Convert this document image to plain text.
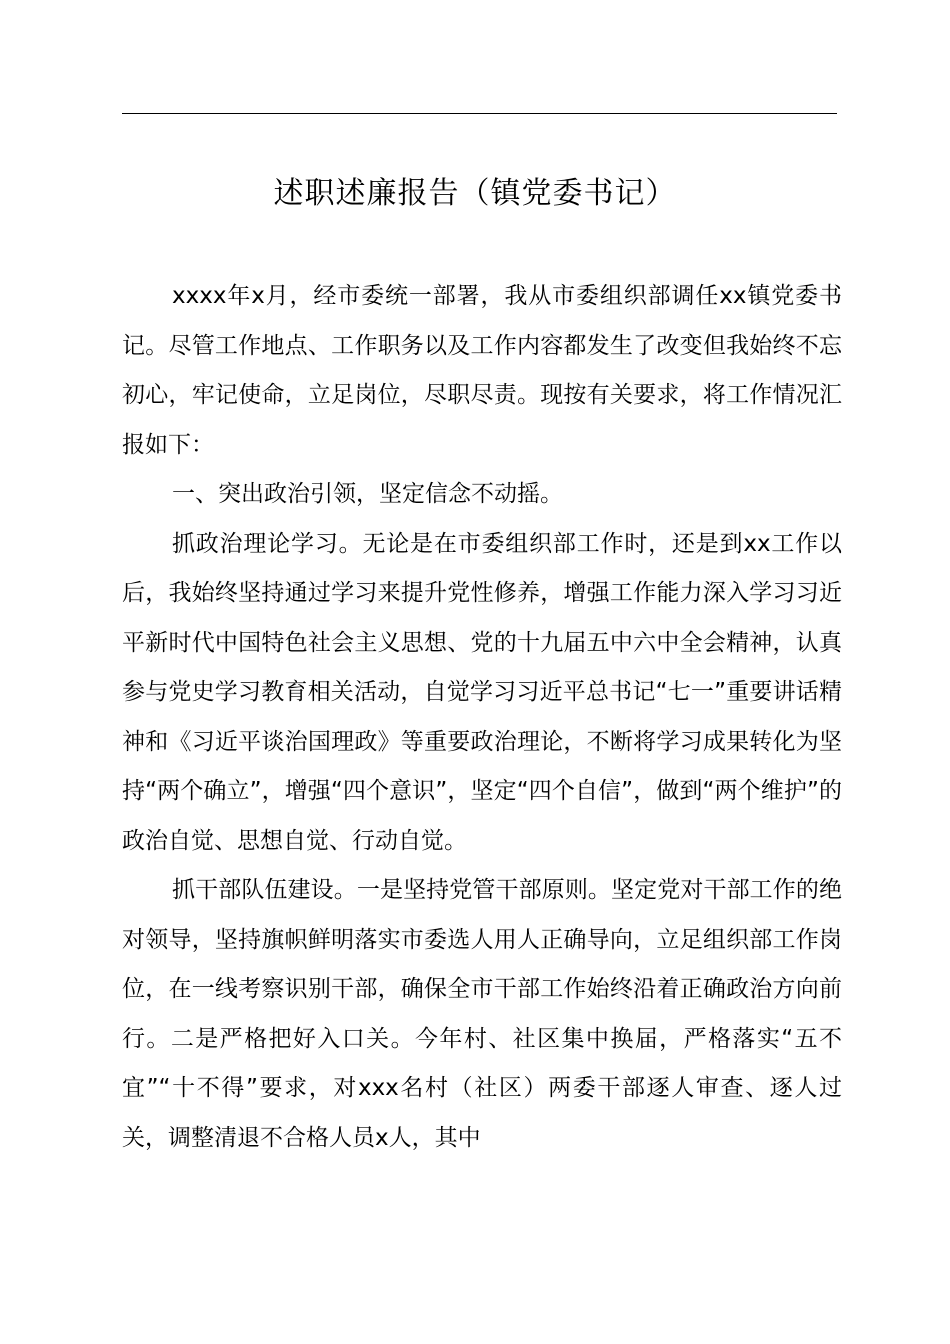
述职述廉报告（镇党委书记）

xxxx年x月，经市委统一部署，我从市委组织部调任xx镇党委书记。尽管工作地点、工作职务以及工作内容都发生了改变但我始终不忘初心，牢记使命，立足岗位，尽职尽责。现按有关要求，将工作情况汇报如下：

一、突出政治引领，坚定信念不动摇。

抓政治理论学习。无论是在市委组织部工作时，还是到xx工作以后，我始终坚持通过学习来提升党性修养，增强工作能力深入学习习近平新时代中国特色社会主义思想、党的十九届五中六中全会精神，认真参与党史学习教育相关活动，自觉学习习近平总书记“七一”重要讲话精神和《习近平谈治国理政》等重要政治理论，不断将学习成果转化为坚持“两个确立”，增强“四个意识”，坚定“四个自信”，做到“两个维护”的政治自觉、思想自觉、行动自觉。

抓干部队伍建设。一是坚持党管干部原则。坚定党对干部工作的绝对领导，坚持旗帜鲜明落实市委选人用人正确导向，立足组织部工作岗位，在一线考察识别干部，确保全市干部工作始终沿着正确政治方向前行。二是严格把好入口关。今年村、社区集中换届，严格落实“五不宜”“十不得”要求，对xxx名村（社区）两委干部逐人审查、逐人过关，调整清退不合格人员x人，其中
